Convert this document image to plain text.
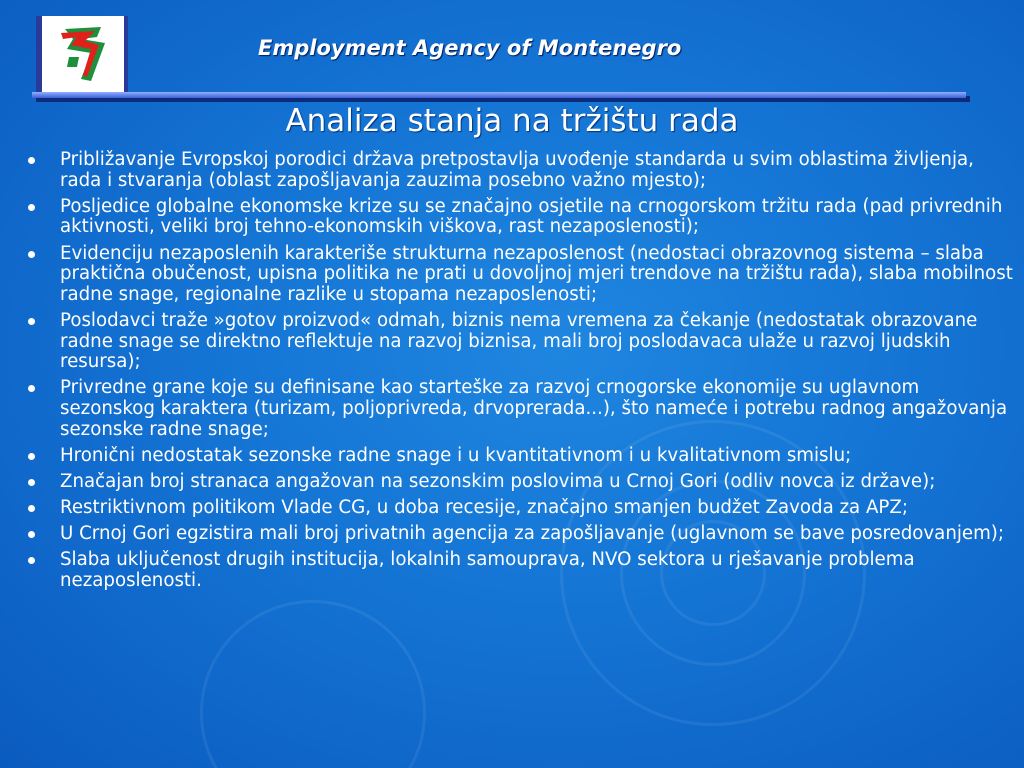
Employment Agency of Montenegro
Analiza stanja na tržištu rada
Približavanje Evropskoj porodici država pretpostavlja uvođenje standarda u svim oblastima življenja, rada i stvaranja (oblast zapošljavanja zauzima posebno važno mjesto);
Posljedice globalne ekonomske krize su se značajno osjetile na crnogorskom tržitu rada (pad privrednih aktivnosti, veliki broj tehno-ekonomskih viškova, rast nezaposlenosti);
Evidenciju nezaposlenih karakteriše strukturna nezaposlenost (nedostaci obrazovnog sistema – slaba praktična obučenost, upisna politika ne prati u dovoljnoj mjeri trendove na tržištu rada), slaba mobilnost radne snage, regionalne razlike u stopama nezaposlenosti;
Poslodavci traže »gotov proizvod« odmah, biznis nema vremena za čekanje (nedostatak obrazovane radne snage se direktno reflektuje na razvoj biznisa, mali broj poslodavaca ulaže u razvoj ljudskih resursa);
Privredne grane koje su definisane kao starteške za razvoj crnogorske ekonomije su uglavnom sezonskog karaktera (turizam, poljoprivreda, drvoprerada...), što nameće i potrebu radnog angažovanja sezonske radne snage;
Hronični nedostatak sezonske radne snage i u kvantitativnom i u kvalitativnom smislu;
Značajan broj stranaca angažovan na sezonskim poslovima u Crnoj Gori (odliv novca iz države);
Restriktivnom politikom Vlade CG, u doba recesije, značajno smanjen budžet Zavoda za APZ;
U Crnoj Gori egzistira mali broj privatnih agencija za zapošljavanje (uglavnom se bave posredovanjem);
Slaba uključenost drugih institucija, lokalnih samouprava, NVO sektora u rješavanje problema nezaposlenosti.
